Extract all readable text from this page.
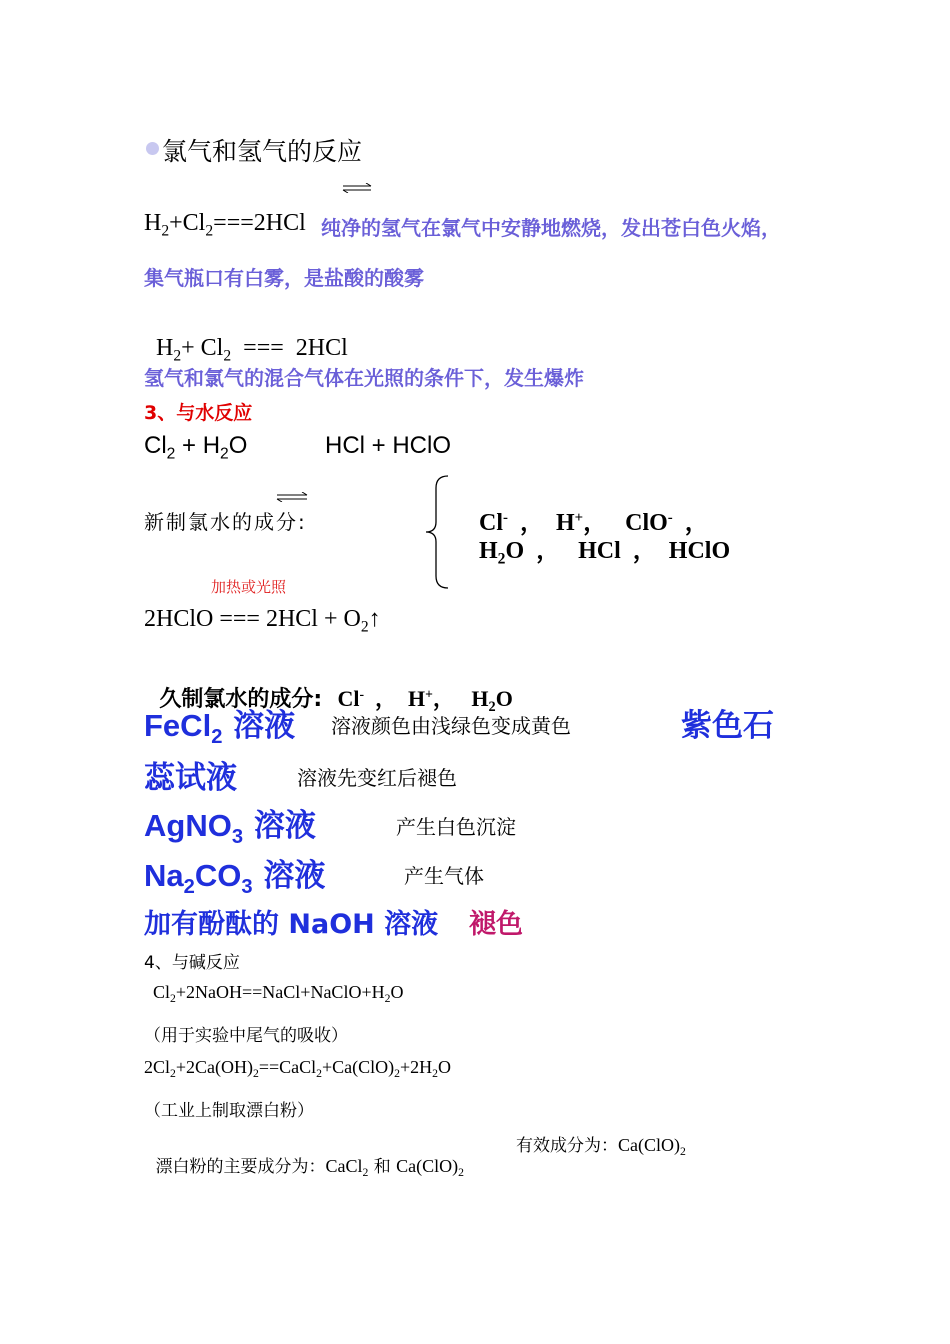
氯气和氢气的反应
$H_2+Cl_2===2HCl$ 纯净的氢气在氯气中安静地燃烧，发出苍白色火焰，
集气瓶口有白雾，是盐酸的酸雾

$H_2+ Cl_2$  ===  2HCl

氢气和氯气的混合气体在光照的条件下，发生爆炸
3、与水反应
$Cl_2 + H_2O$	HCl + HClO
新制氯水的成分:	Cl-  ，  H+，   ClO-  ，

$H_2O$  ，   HCl  ，  HClO

加热或光照
2HClO === $2HCl + O_2↑$

久制氯水的成分:  Cl-  ，  H+，   $H_2O$

FeCl$_2$ 溶液 溶液颜色由浅绿色变成黄色	紫色石
蕊试液	溶液先变红后褪色
AgNO$_3$ 溶液	产生白色沉淀
$Na_2CO_3$ 溶液	产生气体
加有酚酞的 NaOH 溶液 褪色
4、与碱反应
$Cl_2+2NaOH==NaCl+NaClO+H_2O$
（用于实验中尾气的吸收）
$2Cl_2+2Ca(OH)_2==CaCl_2+Ca(ClO)_2+2H_2O$
（工业上制取漂白粉）

漂白粉的主要成分为：CaCl$_2$ 和 $Ca(ClO)_2$

有效成分为：$Ca(ClO)_2$
